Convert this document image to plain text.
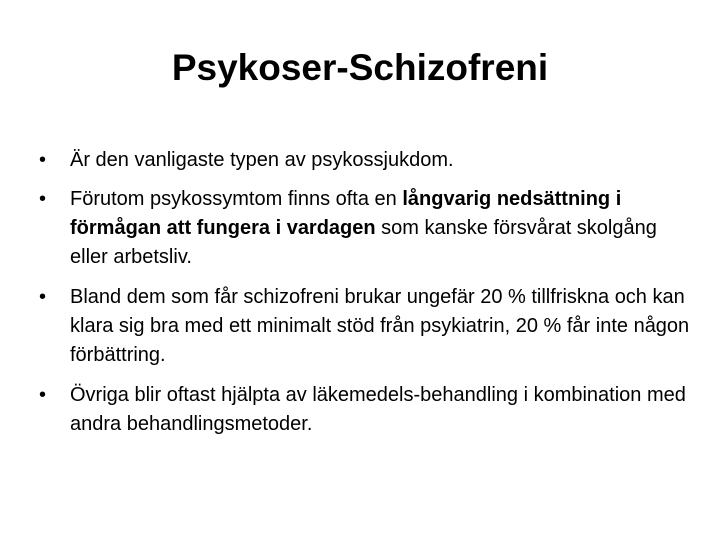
Psykoser-Schizofreni
• Är den vanligaste typen av psykossjukdom.

• Förutom psykossymtom finns ofta en långvarig nedsättning i förmågan att fungera i vardagen som kanske försvårat skolgång eller arbetsliv.

• Bland dem som får schizofreni brukar ungefär 20 % tillfriskna och kan klara sig bra med ett minimalt stöd från psykiatrin, 20 % får inte någon förbättring.

• Övriga blir oftast hjälpta av läkemedels-behandling i kombination med andra behandlingsmetoder.
